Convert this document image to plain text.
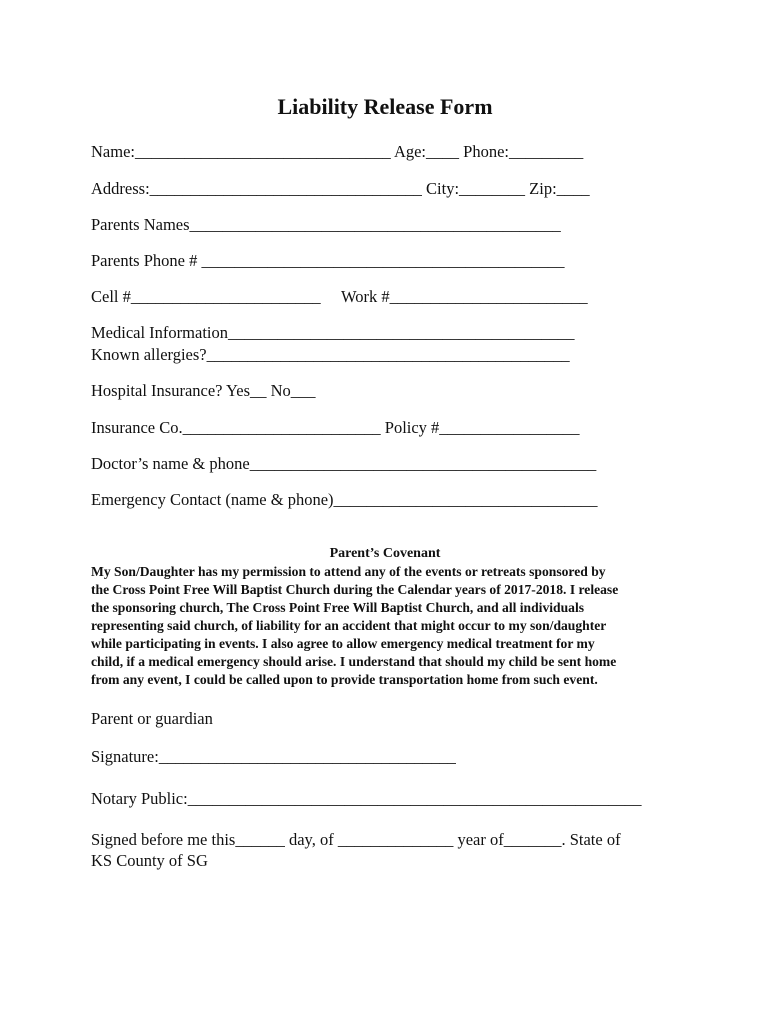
Liability Release Form
Name:_______________________________ Age:____ Phone:_________
Address:_________________________________ City:________ Zip:____
Parents Names_____________________________________________
Parents Phone # ____________________________________________
Cell #_______________________     Work #________________________
Medical Information__________________________________________
Known allergies?____________________________________________
Hospital Insurance? Yes__ No___
Insurance Co.________________________ Policy #_________________
Doctor’s name & phone__________________________________________
Emergency Contact (name & phone)________________________________
Parent’s Covenant
My Son/Daughter has my permission to attend any of the events or retreats sponsored by
the Cross Point Free Will Baptist Church during the Calendar years of 2017-2018. I release
the sponsoring church, The Cross Point Free Will Baptist Church, and all individuals
representing said church, of liability for an accident that might occur to my son/daughter
while participating in events. I also agree to allow emergency medical treatment for my
child, if a medical emergency should arise. I understand that should my child be sent home
from any event, I could be called upon to provide transportation home from such event.
Parent or guardian
Signature:____________________________________
Notary Public:_______________________________________________________
Signed before me this______ day, of ______________ year of_______. State of
KS County of SG
